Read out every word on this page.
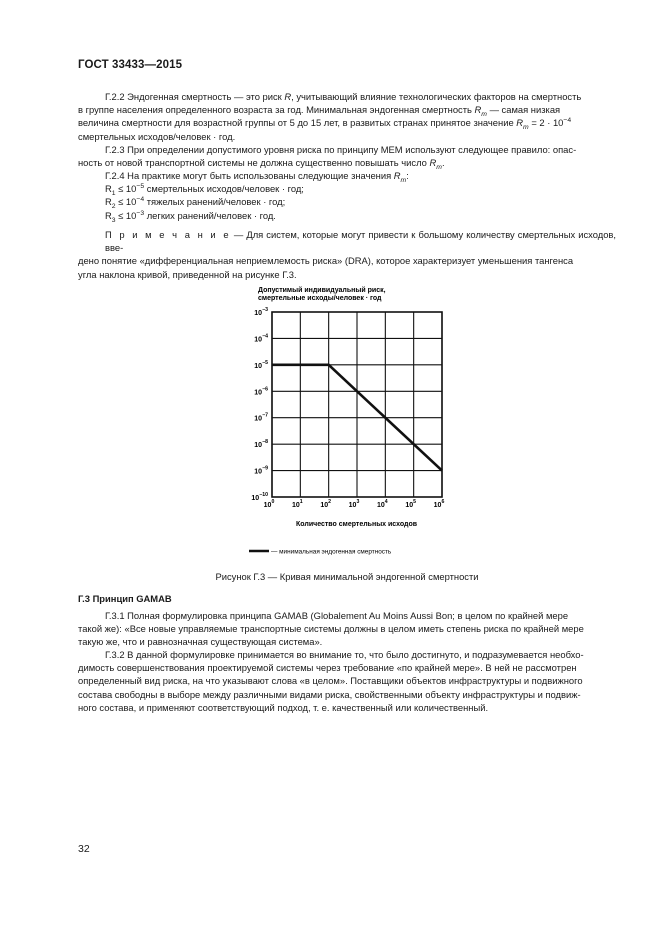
ГОСТ 33433—2015
Г.2.2 Эндогенная смертность — это риск R, учитывающий влияние технологических факторов на смертность
в группе населения определенного возраста за год. Минимальная эндогенная смертность $R_m$ — самая низкая
величина смертности для возрастной группы от 5 до 15 лет, в развитых странах принятое значение $R_m = 2 \cdot 10^{-4}$
смертельных исходов/человек · год.
Г.2.3 При определении допустимого уровня риска по принципу МЕМ используют следующее правило: опас-
ность от новой транспортной системы не должна существенно повышать число $R_m$.
Г.2.4 На практике могут быть использованы следующие значения $R_m$:
$R_1 \le 10^{-5}$ смертельных исходов/человек · год;
$R_2 \le 10^{-4}$ тяжелых ранений/человек · год;
$R_3 \le 10^{-3}$ легких ранений/человек · год.
П р и м е ч а н и е — Для систем, которые могут привести к большому количеству смертельных исходов, вве-
дено понятие «дифференциальная неприемлемость риска» (DRA), которое характеризует уменьшения тангенса
угла наклона кривой, приведенной на рисунке Г.3.
Допустимый индивидуальный риск,
смертельные исходы/человек · год
$10^{-3}$
$10^{-4}$
$10^{-5}$
$10^{-6}$
$10^{-7}$
$10^{-8}$
$10^{-9}$
$10^{-10}$
$10^0$	$10^1$	$10^2$	$10^3$	$10^4$	$10^5$	$10^6$
Количество смертельных исходов
— минимальная эндогенная смертность
Рисунок Г.3 — Кривая минимальной эндогенной смертности
Г.3 Принцип GAMAB
Г.3.1 Полная формулировка принципа GAMAB (Globalement Au Moins Aussi Bon; в целом по крайней мере
такой же): «Все новые управляемые транспортные системы должны в целом иметь степень риска по крайней мере
такую же, что и равнозначная существующая система».
Г.3.2 В данной формулировке принимается во внимание то, что было достигнуто, и подразумевается необхо-
димость совершенствования проектируемой системы через требование «по крайней мере». В ней не рассмотрен
определенный вид риска, на что указывают слова «в целом». Поставщики объектов инфраструктуры и подвижного
состава свободны в выборе между различными видами риска, свойственными объекту инфраструктуры и подвиж-
ного состава, и применяют соответствующий подход, т. е. качественный или количественный.
32
